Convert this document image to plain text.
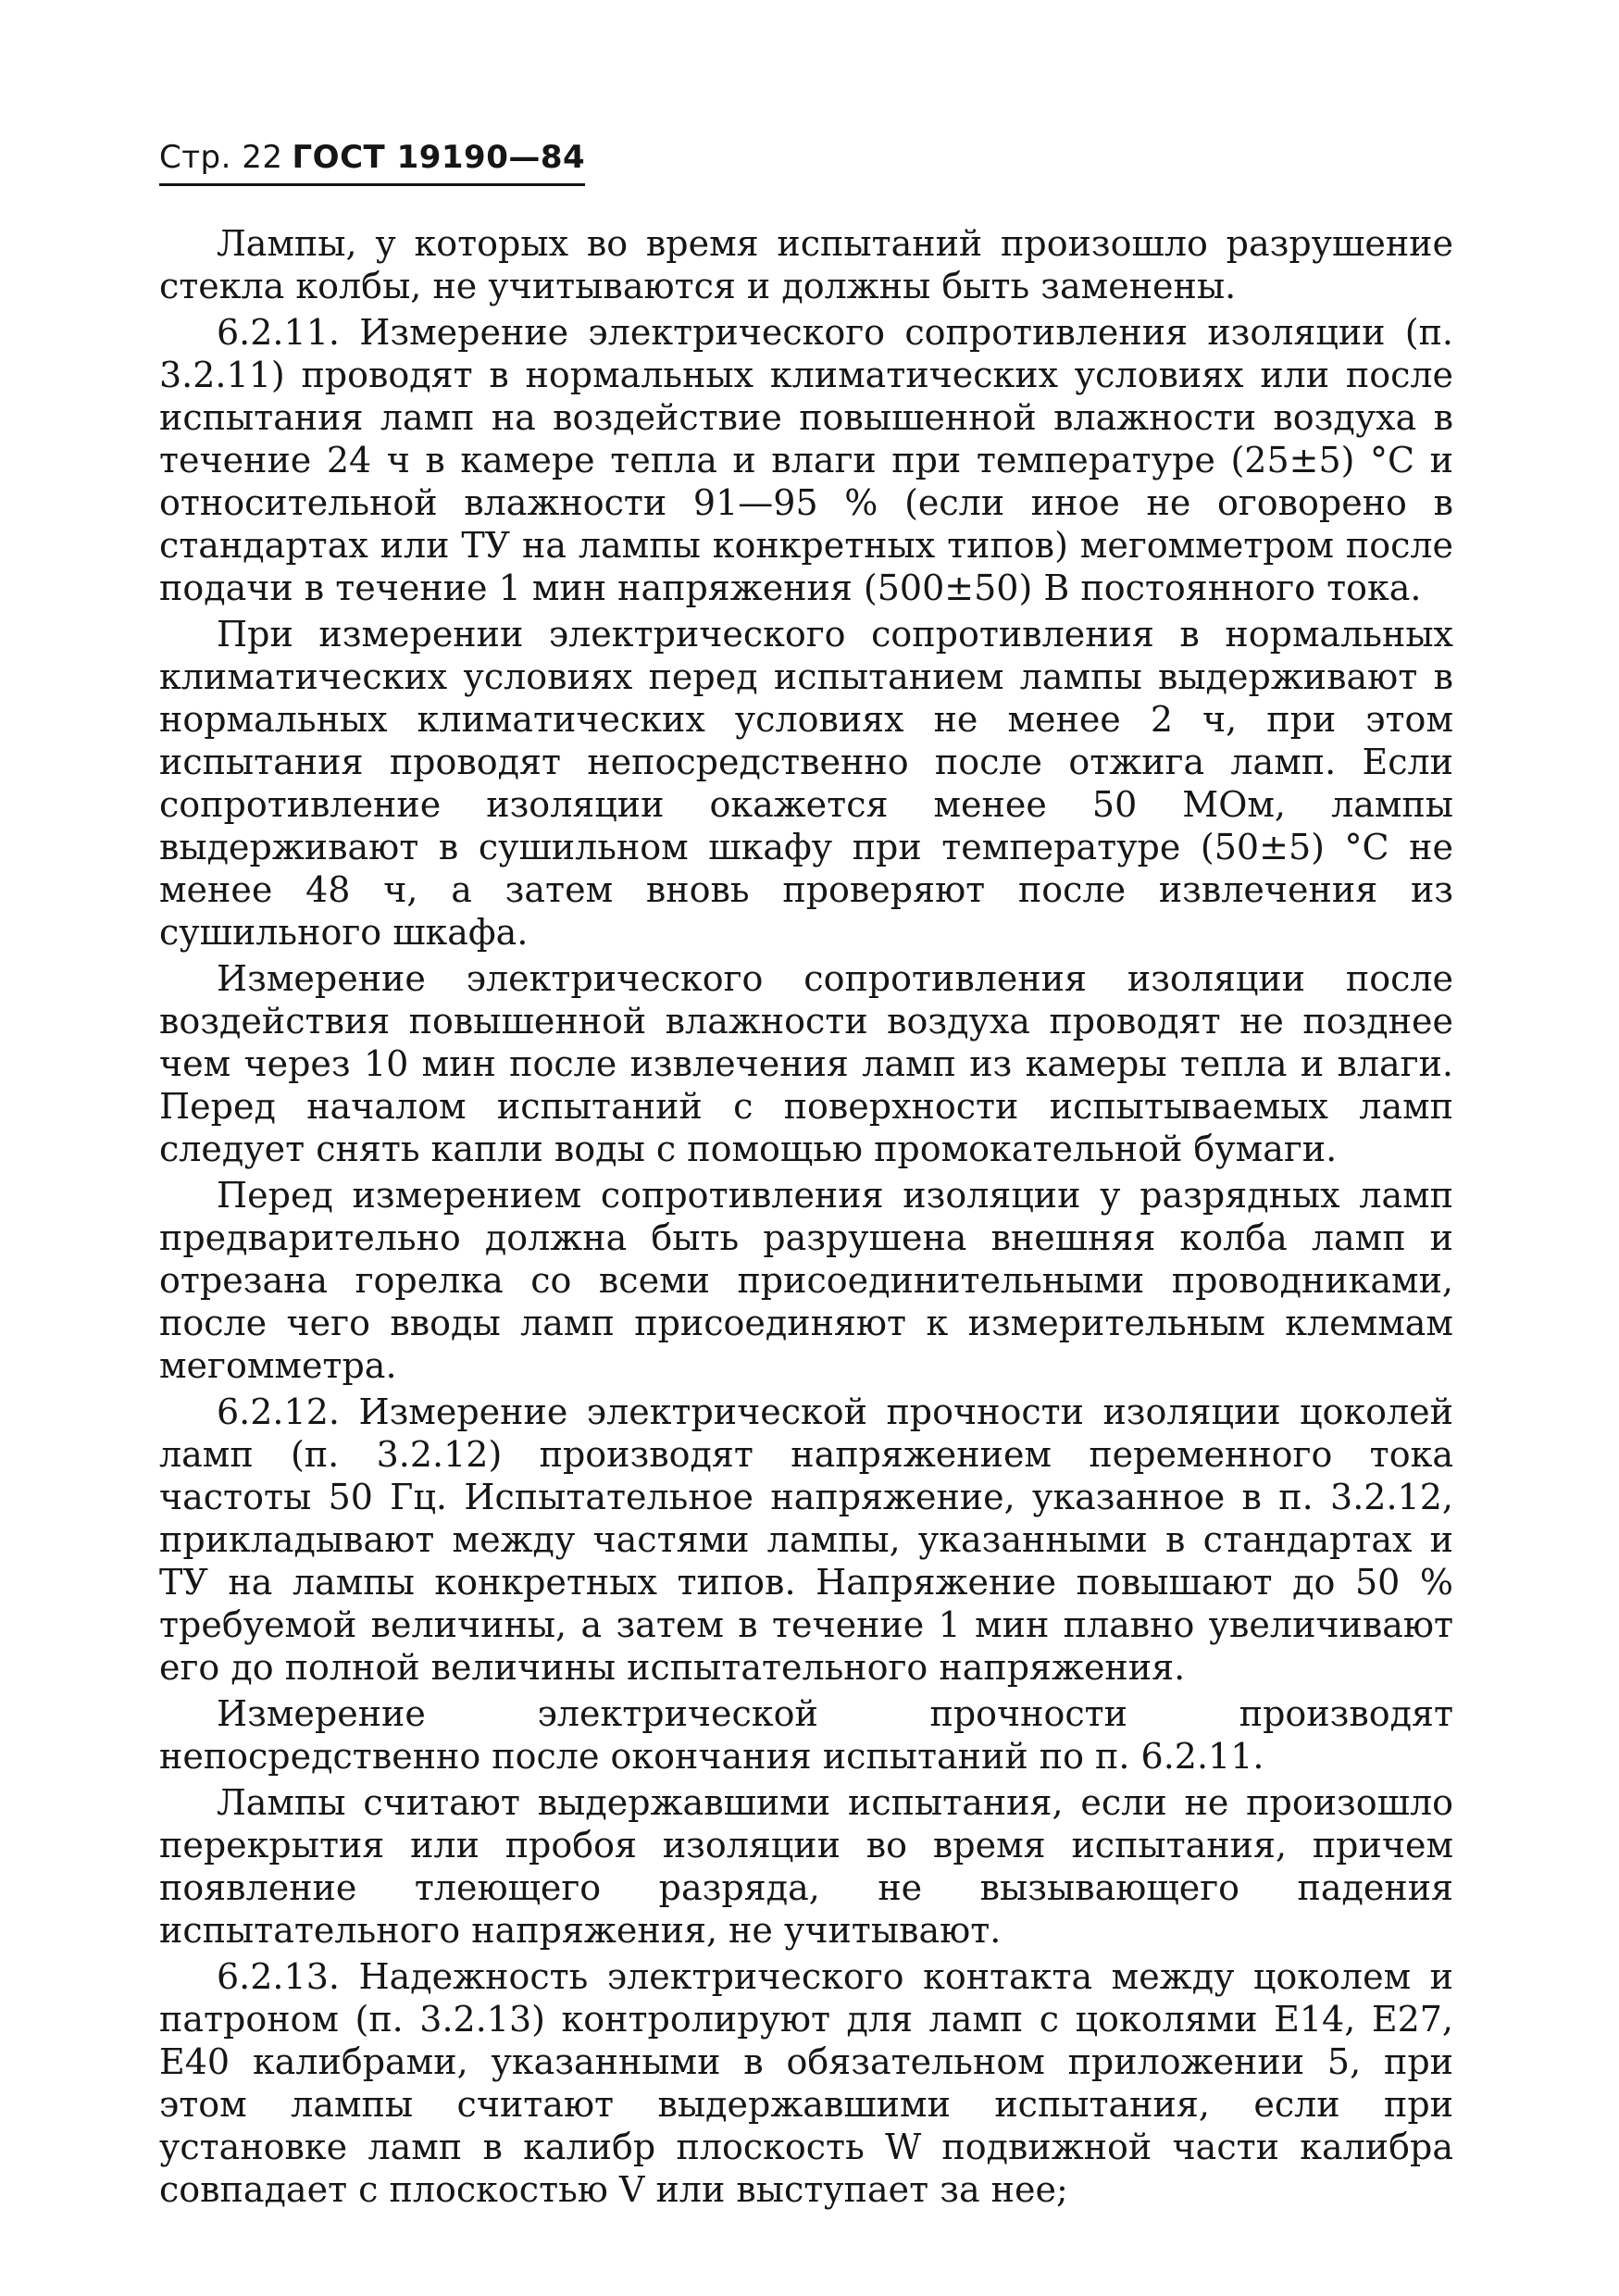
Стр. 22 ГОСТ 19190—84

Лампы, у которых во время испытаний произошло разрушение стекла колбы, не учитываются и должны быть заменены.

6.2.11. Измерение электрического сопротивления изоляции (п. 3.2.11) проводят в нормальных климатических условиях или после испытания ламп на воздействие повышенной влажности воздуха в течение 24 ч в камере тепла и влаги при температуре (25±5) °С и относительной влажности 91—95 % (если иное не оговорено в стандартах или ТУ на лампы конкретных типов) мегомметром после подачи в течение 1 мин напряжения (500±50) В постоянного тока.

При измерении электрического сопротивления в нормальных климатических условиях перед испытанием лампы выдерживают в нормальных климатических условиях не менее 2 ч, при этом испытания проводят непосредственно после отжига ламп. Если сопротивление изоляции окажется менее 50 МОм, лампы выдерживают в сушильном шкафу при температуре (50±5) °С не менее 48 ч, а затем вновь проверяют после извлечения из сушильного шкафа.

Измерение электрического сопротивления изоляции после воздействия повышенной влажности воздуха проводят не позднее чем через 10 мин после извлечения ламп из камеры тепла и влаги. Перед началом испытаний с поверхности испытываемых ламп следует снять капли воды с помощью промокательной бумаги.

Перед измерением сопротивления изоляции у разрядных ламп предварительно должна быть разрушена внешняя колба ламп и отрезана горелка со всеми присоединительными проводниками, после чего вводы ламп присоединяют к измерительным клеммам мегомметра.

6.2.12. Измерение электрической прочности изоляции цоколей ламп (п. 3.2.12) производят напряжением переменного тока частоты 50 Гц. Испытательное напряжение, указанное в п. 3.2.12, прикладывают между частями лампы, указанными в стандартах и ТУ на лампы конкретных типов. Напряжение повышают до 50 % требуемой величины, а затем в течение 1 мин плавно увеличивают его до полной величины испытательного напряжения.

Измерение электрической прочности производят непосредственно после окончания испытаний по п. 6.2.11.

Лампы считают выдержавшими испытания, если не произошло перекрытия или пробоя изоляции во время испытания, причем появление тлеющего разряда, не вызывающего падения испытательного напряжения, не учитывают.

6.2.13. Надежность электрического контакта между цоколем и патроном (п. 3.2.13) контролируют для ламп с цоколями Е14, Е27, Е40 калибрами, указанными в обязательном приложении 5, при этом лампы считают выдержавшими испытания, если при установке ламп в калибр плоскость W подвижной части калибра совпадает с плоскостью V или выступает за нее;
